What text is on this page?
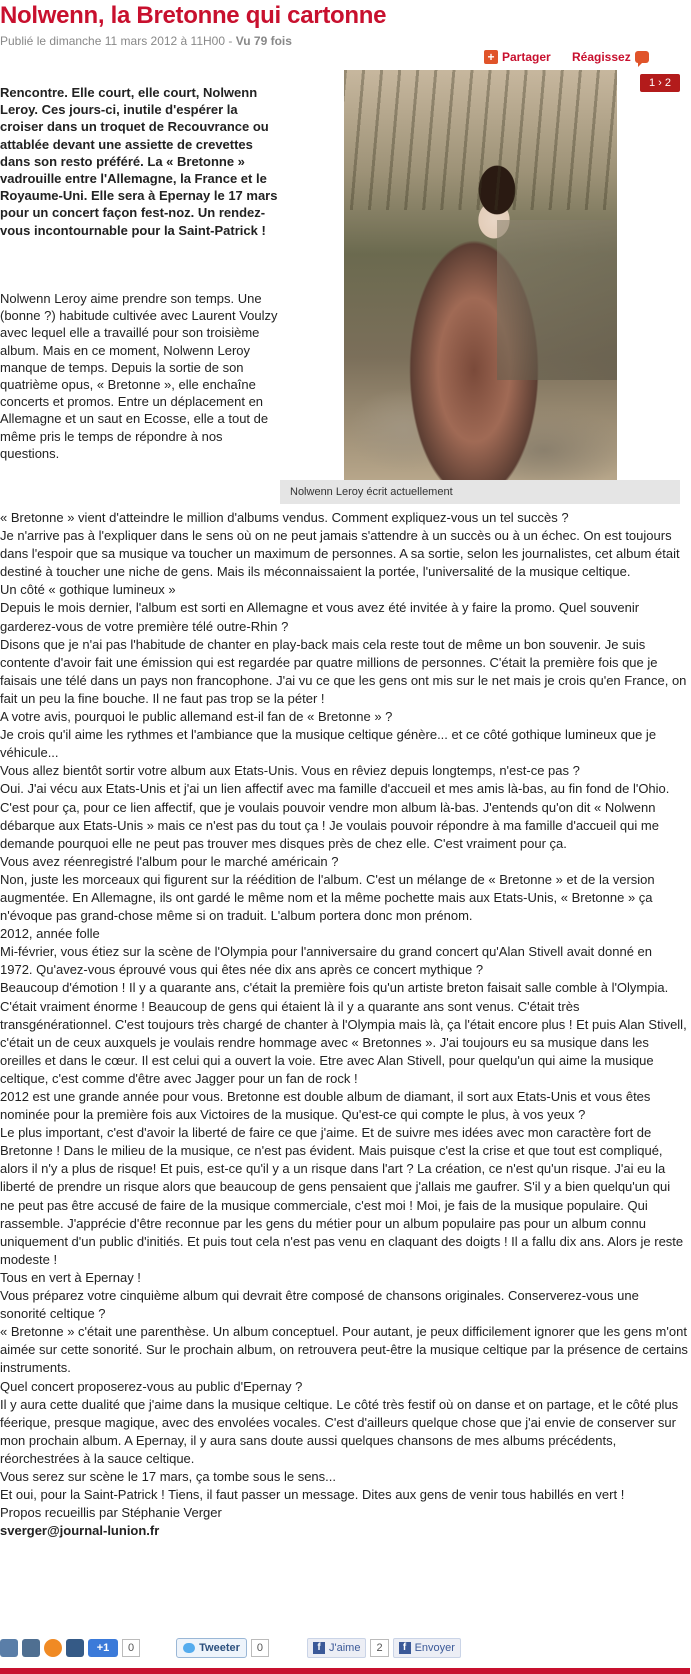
Nolwenn, la Bretonne qui cartonne
Publié le dimanche 11 mars 2012 à 11H00 - Vu 79 fois
+ Partager Réagissez
1 › 2
Rencontre. Elle court, elle court, Nolwenn Leroy. Ces jours-ci, inutile d'espérer la croiser dans un troquet de Recouvrance ou attablée devant une assiette de crevettes dans son resto préféré. La « Bretonne » vadrouille entre l'Allemagne, la France et le Royaume-Uni. Elle sera à Epernay le 17 mars pour un concert façon fest-noz. Un rendez-vous incontournable pour la Saint-Patrick !
Nolwenn Leroy aime prendre son temps. Une (bonne ?) habitude cultivée avec Laurent Voulzy avec lequel elle a travaillé pour son troisième album. Mais en ce moment, Nolwenn Leroy manque de temps. Depuis la sortie de son quatrième opus, « Bretonne », elle enchaîne concerts et promos. Entre un déplacement en Allemagne et un saut en Ecosse, elle a tout de même pris le temps de répondre à nos questions.
Nolwenn Leroy écrit actuellement

« Bretonne » vient d'atteindre le million d'albums vendus. Comment expliquez-vous un tel succès ?

Je n'arrive pas à l'expliquer dans le sens où on ne peut jamais s'attendre à un succès ou à un échec. On est toujours dans l'espoir que sa musique va toucher un maximum de personnes. A sa sortie, selon les journalistes, cet album était destiné à toucher une niche de gens. Mais ils méconnaissaient la portée, l'universalité de la musique celtique.

Un côté « gothique lumineux »

Depuis le mois dernier, l'album est sorti en Allemagne et vous avez été invitée à y faire la promo. Quel souvenir garderez-vous de votre première télé outre-Rhin ?

Disons que je n'ai pas l'habitude de chanter en play-back mais cela reste tout de même un bon souvenir. Je suis contente d'avoir fait une émission qui est regardée par quatre millions de personnes. C'était la première fois que je faisais une télé dans un pays non francophone. J'ai vu ce que les gens ont mis sur le net mais je crois qu'en France, on fait un peu la fine bouche. Il ne faut pas trop se la péter !

A votre avis, pourquoi le public allemand est-il fan de « Bretonne » ?

Je crois qu'il aime les rythmes et l'ambiance que la musique celtique génère... et ce côté gothique lumineux que je véhicule...

Vous allez bientôt sortir votre album aux Etats-Unis. Vous en rêviez depuis longtemps, n'est-ce pas ?

Oui. J'ai vécu aux Etats-Unis et j'ai un lien affectif avec ma famille d'accueil et mes amis là-bas, au fin fond de l'Ohio. C'est pour ça, pour ce lien affectif, que je voulais pouvoir vendre mon album là-bas. J'entends qu'on dit « Nolwenn débarque aux Etats-Unis » mais ce n'est pas du tout ça ! Je voulais pouvoir répondre à ma famille d'accueil qui me demande pourquoi elle ne peut pas trouver mes disques près de chez elle. C'est vraiment pour ça.

Vous avez réenregistré l'album pour le marché américain ?

Non, juste les morceaux qui figurent sur la réédition de l'album. C'est un mélange de « Bretonne » et de la version augmentée. En Allemagne, ils ont gardé le même nom et la même pochette mais aux Etats-Unis, « Bretonne » ça n'évoque pas grand-chose même si on traduit. L'album portera donc mon prénom.

2012, année folle

Mi-février, vous étiez sur la scène de l'Olympia pour l'anniversaire du grand concert qu'Alan Stivell avait donné en 1972. Qu'avez-vous éprouvé vous qui êtes née dix ans après ce concert mythique ?

Beaucoup d'émotion ! Il y a quarante ans, c'était la première fois qu'un artiste breton faisait salle comble à l'Olympia. C'était vraiment énorme ! Beaucoup de gens qui étaient là il y a quarante ans sont venus. C'était très transgénérationnel. C'est toujours très chargé de chanter à l'Olympia mais là, ça l'était encore plus ! Et puis Alan Stivell, c'était un de ceux auxquels je voulais rendre hommage avec « Bretonnes ». J'ai toujours eu sa musique dans les oreilles et dans le cœur. Il est celui qui a ouvert la voie. Etre avec Alan Stivell, pour quelqu'un qui aime la musique celtique, c'est comme d'être avec Jagger pour un fan de rock !

2012 est une grande année pour vous. Bretonne est double album de diamant, il sort aux Etats-Unis et vous êtes nominée pour la première fois aux Victoires de la musique. Qu'est-ce qui compte le plus, à vos yeux ?

Le plus important, c'est d'avoir la liberté de faire ce que j'aime. Et de suivre mes idées avec mon caractère fort de Bretonne ! Dans le milieu de la musique, ce n'est pas évident. Mais puisque c'est la crise et que tout est compliqué, alors il n'y a plus de risque! Et puis, est-ce qu'il y a un risque dans l'art ? La création, ce n'est qu'un risque. J'ai eu la liberté de prendre un risque alors que beaucoup de gens pensaient que j'allais me gaufrer. S'il y a bien quelqu'un qui ne peut pas être accusé de faire de la musique commerciale, c'est moi ! Moi, je fais de la musique populaire. Qui rassemble. J'apprécie d'être reconnue par les gens du métier pour un album populaire pas pour un album connu uniquement d'un public d'initiés. Et puis tout cela n'est pas venu en claquant des doigts ! Il a fallu dix ans. Alors je reste modeste !

Tous en vert à Epernay !

Vous préparez votre cinquième album qui devrait être composé de chansons originales. Conserverez-vous une sonorité celtique ?

« Bretonne » c'était une parenthèse. Un album conceptuel. Pour autant, je peux difficilement ignorer que les gens m'ont aimée sur cette sonorité. Sur le prochain album, on retrouvera peut-être la musique celtique par la présence de certains instruments.

Quel concert proposerez-vous au public d'Epernay ?

Il y aura cette dualité que j'aime dans la musique celtique. Le côté très festif où on danse et on partage, et le côté plus féerique, presque magique, avec des envolées vocales. C'est d'ailleurs quelque chose que j'ai envie de conserver sur mon prochain album. A Epernay, il y aura sans doute aussi quelques chansons de mes albums précédents, réorchestrées à la sauce celtique.

Vous serez sur scène le 17 mars, ça tombe sous le sens...

Et oui, pour la Saint-Patrick ! Tiens, il faut passer un message. Dites aux gens de venir tous habillés en vert !

Propos recueillis par Stéphanie Verger

sverger@journal-lunion.fr

+1	0	Tweeter	0	f J'aime	2	f Envoyer
